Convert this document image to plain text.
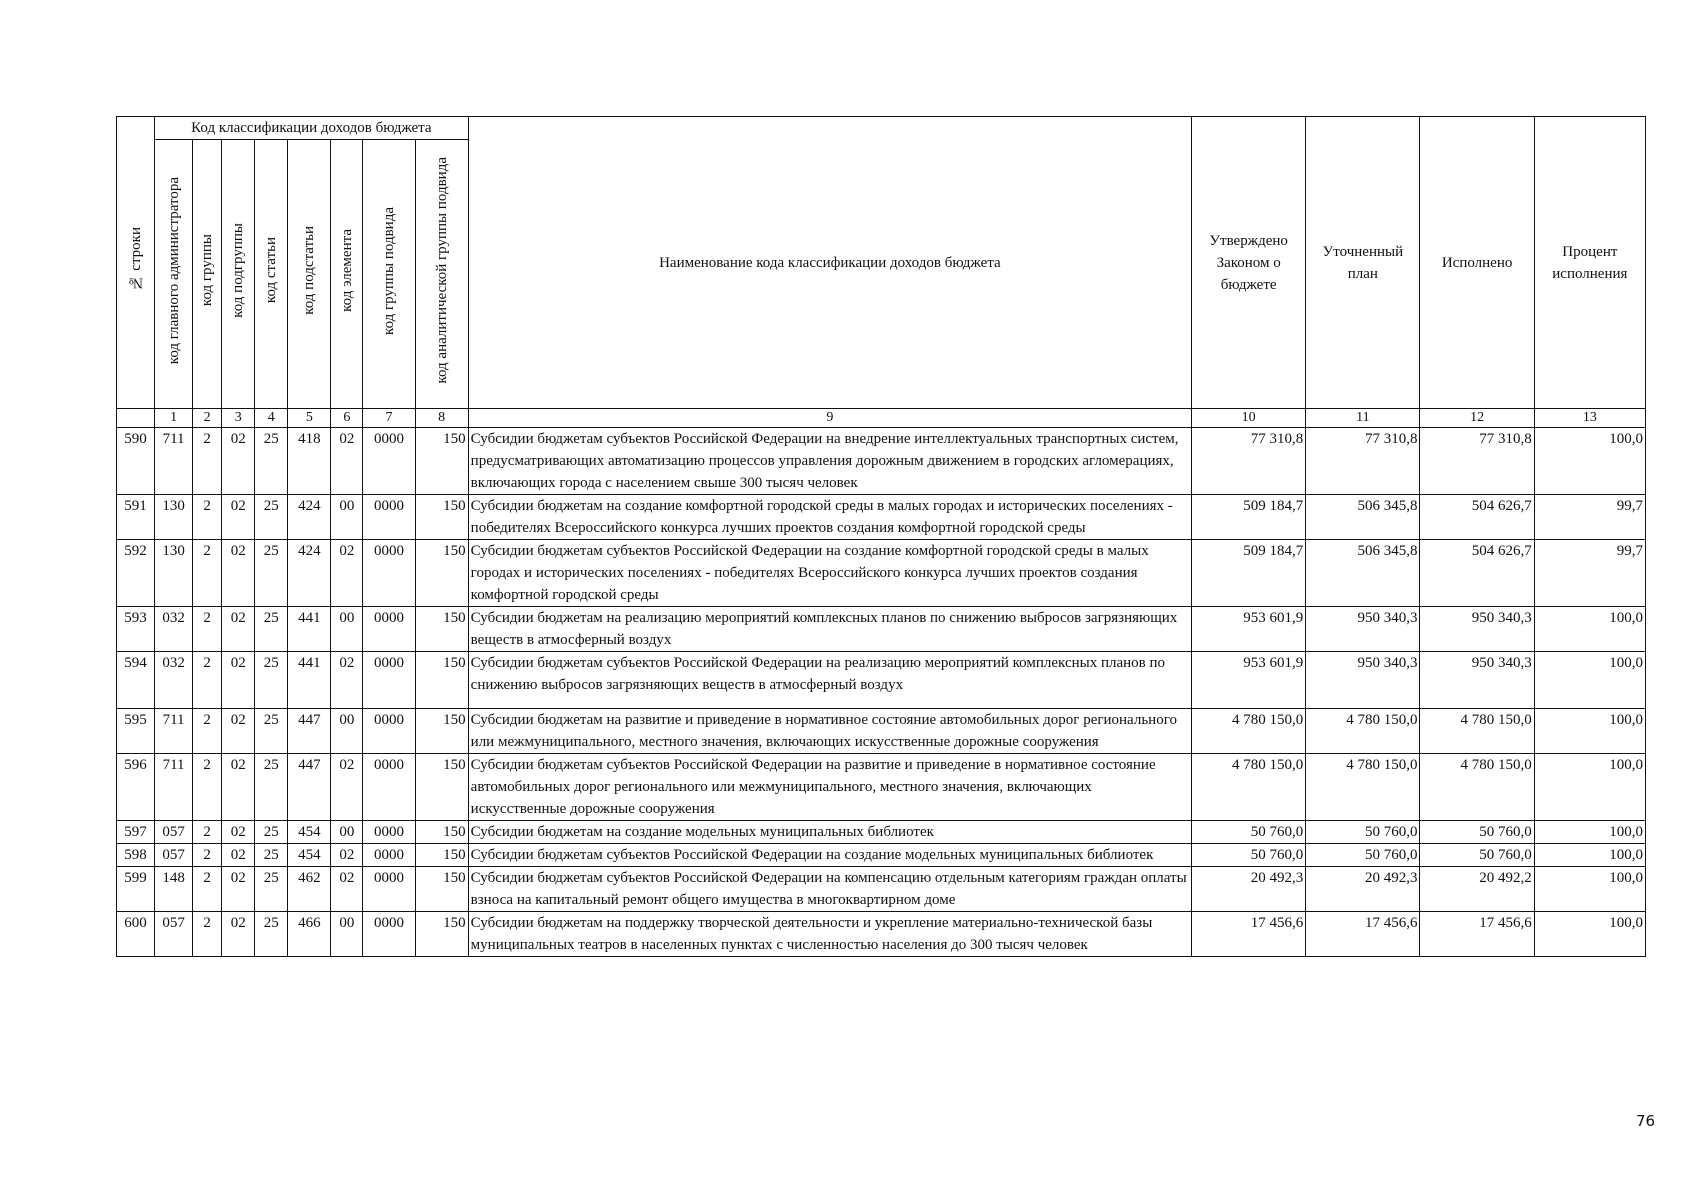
№ строки	Код классификации доходов бюджета								Наименование кода классификации доходов бюджета	Утверждено Законом о бюджете	Уточненный план	Исполнено	Процент исполнения
	код главного администратора	код группы	код подгруппы	код статьи	код подстатьи	код элемента	код группы подвида	код аналитической группы подвида					
	1	2	3	4	5	6	7	8	9	10	11	12	13
590	711	2	02	25	418	02	0000	150	Субсидии бюджетам субъектов Российской Федерации на внедрение интеллектуальных транспортных систем, предусматривающих автоматизацию процессов управления дорожным движением в городских агломерациях, включающих города с населением свыше 300 тысяч человек	77 310,8	77 310,8	77 310,8	100,0
591	130	2	02	25	424	00	0000	150	Субсидии бюджетам на создание комфортной городской среды в малых городах и исторических поселениях - победителях Всероссийского конкурса лучших проектов создания комфортной городской среды	509 184,7	506 345,8	504 626,7	99,7
592	130	2	02	25	424	02	0000	150	Субсидии бюджетам субъектов Российской Федерации на создание комфортной городской среды в малых городах и исторических поселениях - победителях Всероссийского конкурса лучших проектов создания комфортной городской среды	509 184,7	506 345,8	504 626,7	99,7
593	032	2	02	25	441	00	0000	150	Субсидии бюджетам на реализацию мероприятий комплексных планов по снижению выбросов загрязняющих веществ в атмосферный воздух	953 601,9	950 340,3	950 340,3	100,0
594	032	2	02	25	441	02	0000	150	Субсидии бюджетам субъектов Российской Федерации на реализацию мероприятий комплексных планов по снижению выбросов загрязняющих веществ в атмосферный воздух	953 601,9	950 340,3	950 340,3	100,0
595	711	2	02	25	447	00	0000	150	Субсидии бюджетам на развитие и приведение в нормативное состояние автомобильных дорог регионального или межмуниципального, местного значения, включающих искусственные дорожные сооружения	4 780 150,0	4 780 150,0	4 780 150,0	100,0
596	711	2	02	25	447	02	0000	150	Субсидии бюджетам субъектов Российской Федерации на развитие и приведение в нормативное состояние автомобильных дорог регионального или межмуниципального, местного значения, включающих искусственные дорожные сооружения	4 780 150,0	4 780 150,0	4 780 150,0	100,0
597	057	2	02	25	454	00	0000	150	Субсидии бюджетам на создание модельных муниципальных библиотек	50 760,0	50 760,0	50 760,0	100,0
598	057	2	02	25	454	02	0000	150	Субсидии бюджетам субъектов Российской Федерации на создание модельных муниципальных библиотек	50 760,0	50 760,0	50 760,0	100,0
599	148	2	02	25	462	02	0000	150	Субсидии бюджетам субъектов Российской Федерации на компенсацию отдельным категориям граждан оплаты взноса на капитальный ремонт общего имущества в многоквартирном доме	20 492,3	20 492,3	20 492,2	100,0
600	057	2	02	25	466	00	0000	150	Субсидии бюджетам на поддержку творческой деятельности и укрепление материально-технической базы муниципальных театров в населенных пунктах с численностью населения до 300 тысяч человек	17 456,6	17 456,6	17 456,6	100,0
76
